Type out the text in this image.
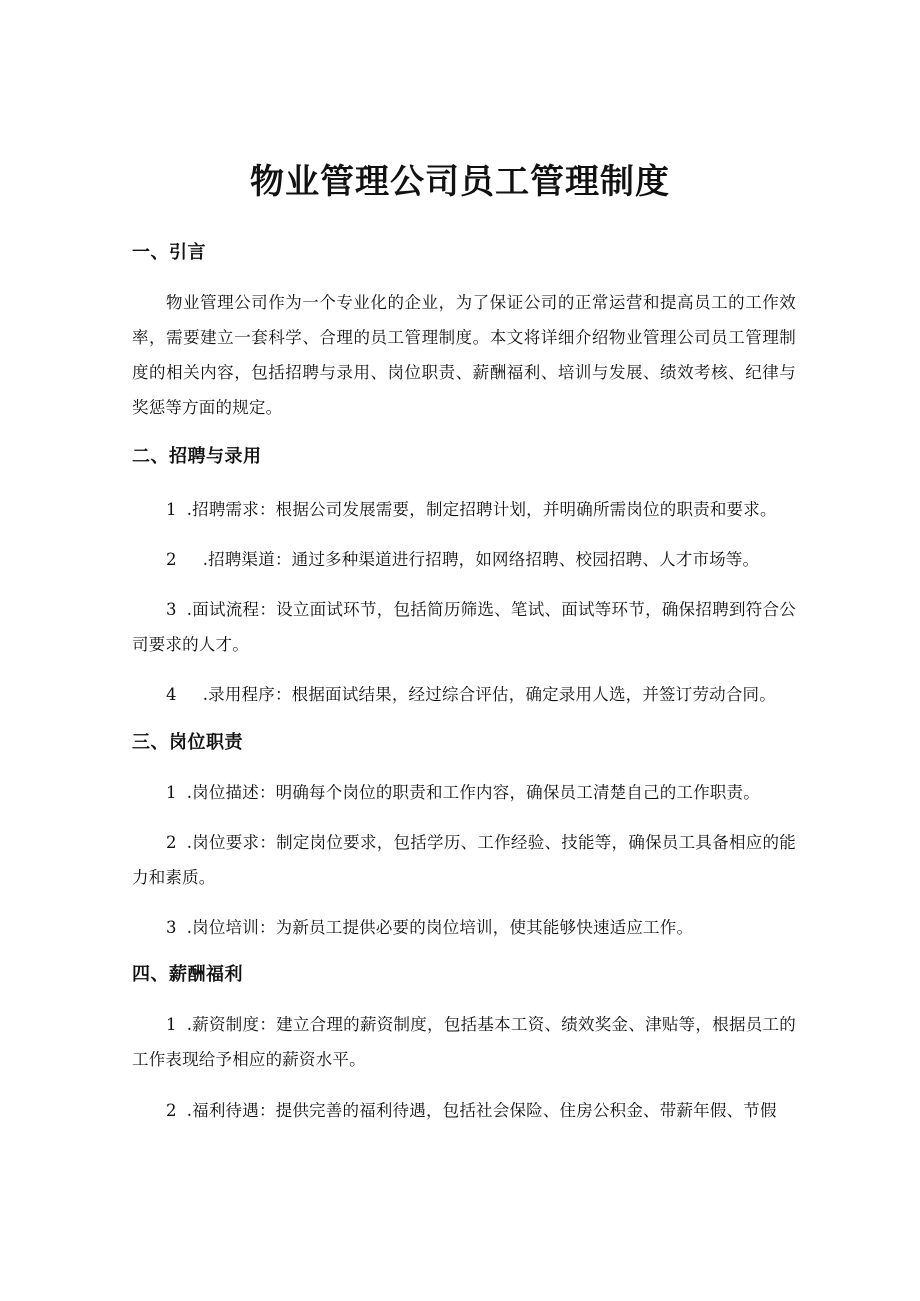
物业管理公司员工管理制度
一、引言

物业管理公司作为一个专业化的企业，为了保证公司的正常运营和提高员工的工作效率，需要建立一套科学、合理的员工管理制度。本文将详细介绍物业管理公司员工管理制度的相关内容，包括招聘与录用、岗位职责、薪酬福利、培训与发展、绩效考核、纪律与奖惩等方面的规定。

二、招聘与录用

1 .招聘需求：根据公司发展需要，制定招聘计划，并明确所需岗位的职责和要求。

2 .招聘渠道：通过多种渠道进行招聘，如网络招聘、校园招聘、人才市场等。

3 .面试流程：设立面试环节，包括简历筛选、笔试、面试等环节，确保招聘到符合公司要求的人才。

4 .录用程序：根据面试结果，经过综合评估，确定录用人选，并签订劳动合同。

三、岗位职责

1 .岗位描述：明确每个岗位的职责和工作内容，确保员工清楚自己的工作职责。

2 .岗位要求：制定岗位要求，包括学历、工作经验、技能等，确保员工具备相应的能力和素质。

3 .岗位培训：为新员工提供必要的岗位培训，使其能够快速适应工作。

四、薪酬福利

1 .薪资制度：建立合理的薪资制度，包括基本工资、绩效奖金、津贴等，根据员工的工作表现给予相应的薪资水平。

2 .福利待遇：提供完善的福利待遇，包括社会保险、住房公积金、带薪年假、节假
